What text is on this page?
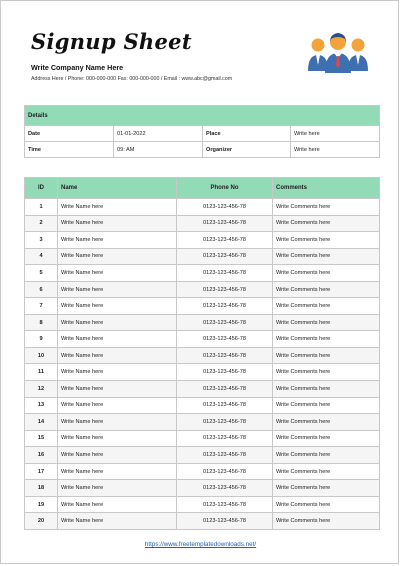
Signup Sheet
Write Company Name Here
Address Here / Phone: 000-000-000 Fax: 000-000-000 / Email : www.abc@gmail.com
Details			
Date	01-01-2022	Place	Write here
Time	09: AM	Organizer	Write here
ID	Name	Phone No	Comments
1	Write Name here	0123-123-456-78	Write Comments here
2	Write Name here	0123-123-456-78	Write Comments here
3	Write Name here	0123-123-456-78	Write Comments here
4	Write Name here	0123-123-456-78	Write Comments here
5	Write Name here	0123-123-456-78	Write Comments here
6	Write Name here	0123-123-456-78	Write Comments here
7	Write Name here	0123-123-456-78	Write Comments here
8	Write Name here	0123-123-456-78	Write Comments here
9	Write Name here	0123-123-456-78	Write Comments here
10	Write Name here	0123-123-456-78	Write Comments here
11	Write Name here	0123-123-456-78	Write Comments here
12	Write Name here	0123-123-456-78	Write Comments here
13	Write Name here	0123-123-456-78	Write Comments here
14	Write Name here	0123-123-456-78	Write Comments here
15	Write Name here	0123-123-456-78	Write Comments here
16	Write Name here	0123-123-456-78	Write Comments here
17	Write Name here	0123-123-456-78	Write Comments here
18	Write Name here	0123-123-456-78	Write Comments here
19	Write Name here	0123-123-456-78	Write Comments here
20	Write Name here	0123-123-456-78	Write Comments here
https://www.freetemplatedownloads.net/
